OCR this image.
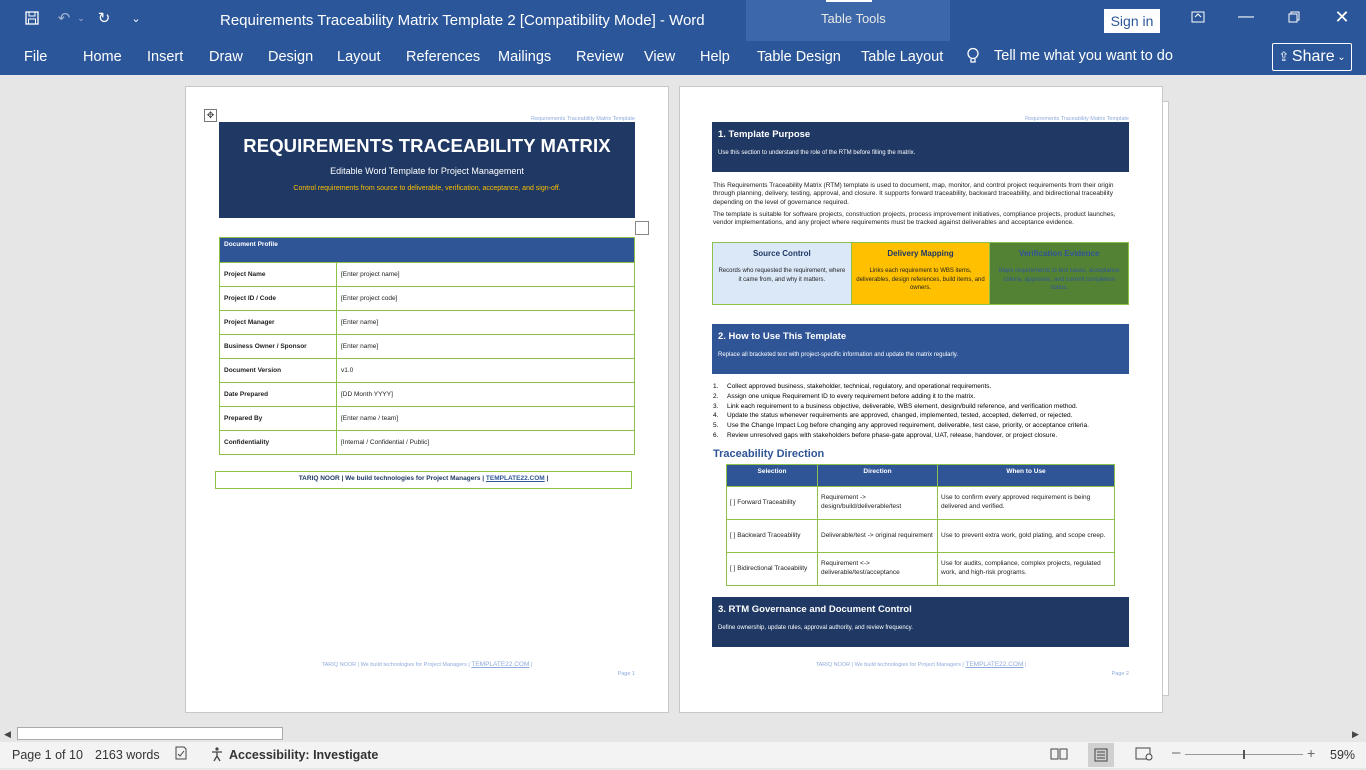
↶ ⌄ ↻	⌄	Requirements Traceability Matrix Template 2 [Compatibility Mode] - Word	Table Tools	Sign in	—	✕
File Home Insert Draw Design Layout References Mailings Review View Help Table Design Table Layout	Tell me what you want to do	⇪ Share ⌄
✥	Requirements Traceability Matrix Template
REQUIREMENTS TRACEABILITY MATRIX
Editable Word Template for Project Management
Control requirements from source to deliverable, verification, acceptance, and sign-off.
Document Profile	
Project Name	[Enter project name]
Project ID / Code	[Enter project code]
Project Manager	[Enter name]
Business Owner / Sponsor	[Enter name]
Document Version	v1.0
Date Prepared	[DD Month YYYY]
Prepared By	[Enter name / team]
Confidentiality	[Internal / Confidential / Public]
TARIQ NOOR | We build technologies for Project Managers | TEMPLATE22.COM |
TARIQ NOOR | We build technologies for Project Managers | TEMPLATE22.COM |
Page 1
Requirements Traceability Matrix Template
1. Template Purpose
Use this section to understand the role of the RTM before filling the matrix.
This Requirements Traceability Matrix (RTM) template is used to document, map, monitor, and control project requirements from their origin through planning, delivery, testing, approval, and closure. It supports forward traceability, backward traceability, and bidirectional traceability depending on the level of governance required.
The template is suitable for software projects, construction projects, process improvement initiatives, compliance projects, product launches, vendor implementations, and any project where requirements must be tracked against deliverables and acceptance evidence.
Source Control
Records who requested the requirement, where it came from, and why it matters.
Delivery Mapping
Links each requirement to WBS items, deliverables, design references, build items, and owners.
Verification Evidence
Maps requirements to test cases, acceptance criteria, approvals, and current completion status.
2. How to Use This Template
Replace all bracketed text with project-specific information and update the matrix regularly.
1. Collect approved business, stakeholder, technical, regulatory, and operational requirements.
2. Assign one unique Requirement ID to every requirement before adding it to the matrix.
3. Link each requirement to a business objective, deliverable, WBS element, design/build reference, and verification method.
4. Update the status whenever requirements are approved, changed, implemented, tested, accepted, deferred, or rejected.
5. Use the Change Impact Log before changing any approved requirement, deliverable, test case, priority, or acceptance criteria.
6. Review unresolved gaps with stakeholders before phase-gate approval, UAT, release, handover, or project closure.
Traceability Direction
Selection	Direction	When to Use
[ ] Forward Traceability	Requirement -> design/build/deliverable/test	Use to confirm every approved requirement is being delivered and verified.
[ ] Backward Traceability	Deliverable/test -> original requirement	Use to prevent extra work, gold plating, and scope creep.
[ ] Bidirectional Traceability	Requirement <-> deliverable/test/acceptance	Use for audits, compliance, complex projects, regulated work, and high-risk programs.
3. RTM Governance and Document Control
Define ownership, update rules, approval authority, and review frequency.
TARIQ NOOR | We build technologies for Project Managers | TEMPLATE22.COM |
Page 2
◀	▶
Page 1 of 10 2163 words	Accessibility: Investigate	–	+ 59%
